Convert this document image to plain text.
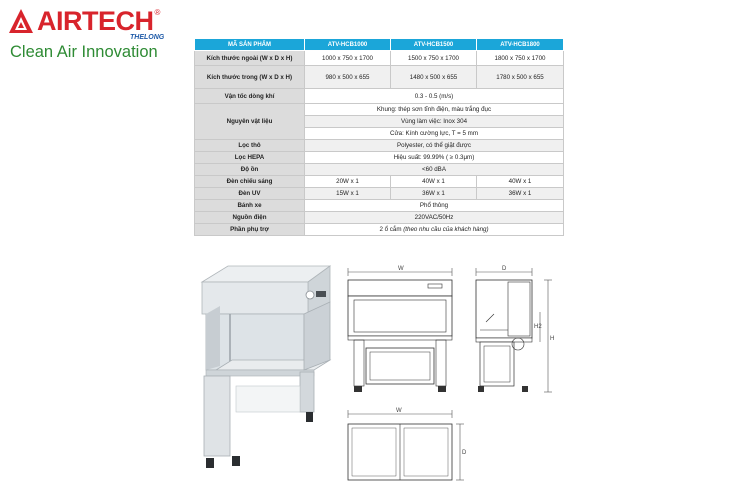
AIRTECH ®
THELONG
Clean Air Innovation	MÃ SẢN PHẨM	ATV-HCB1000	ATV-HCB1500	ATV-HCB1800
Kích thước ngoài (W x D x H)	1000 x 750 x 1700	1500 x 750 x 1700	1800 x 750 x 1700
Kích thước trong (W x D x H)	980 x 500 x 655	1480 x 500 x 655	1780 x 500 x 655
Vận tốc dòng khí	0.3 - 0.5 (m/s)		
Nguyên vật liệu	Khung: thép sơn tĩnh điện, màu trắng đục		
	Vùng làm việc: Inox 304		
	Cửa: Kính cường lực, T = 5 mm		
Lọc thô	Polyester, có thể giặt được		
Lọc HEPA	Hiệu suất: 99.99% ( ≥ 0.3μm)		
Độ ồn	<60 dBA		
Đèn chiếu sáng	20W x 1	40W x 1	40W x 1
Đèn UV	15W x 1	36W x 1	36W x 1
Bánh xe	Phổ thông		
Nguồn điện	220VAC/50Hz		
Phần phụ trợ	2 ổ cắm (theo nhu cầu của khách hàng)		
W	D
H2
H
W
D
